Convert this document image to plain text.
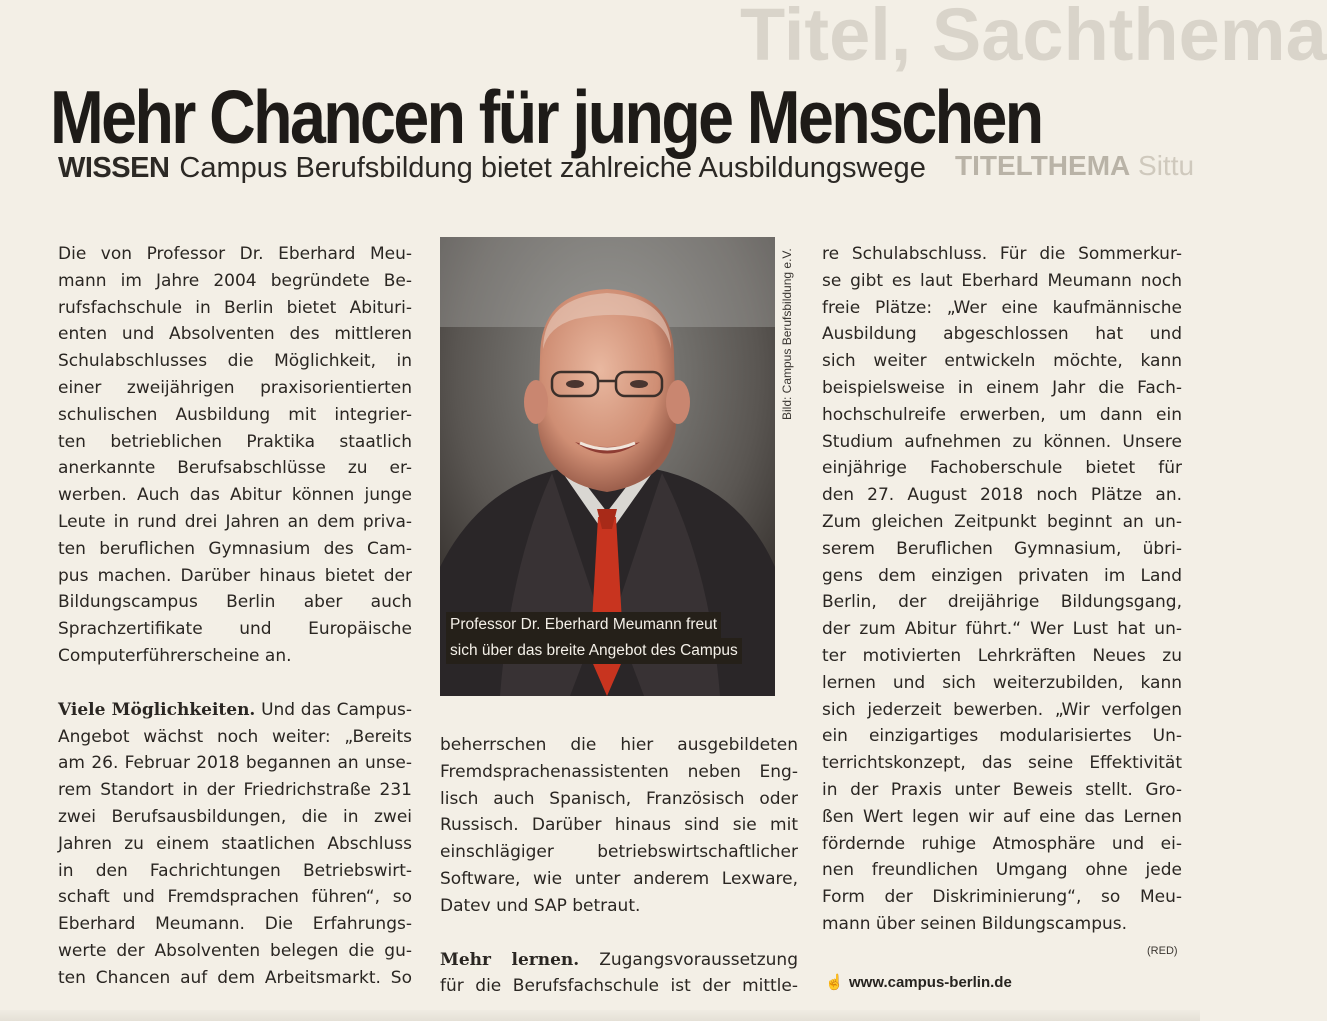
Titel, Sachthema
TITELTHEMA Sittu
Mehr Chancen für junge Menschen
WISSEN Campus Berufsbildung bietet zahlreiche Ausbildungswege

Die von Professor Dr. Eberhard Meu-

mann im Jahre 2004 begründete Be-

rufsfachschule in Berlin bietet Abituri-

enten und Absolventen des mittleren

Schulabschlusses die Möglichkeit, in

einer zweijährigen praxisorientierten

schulischen Ausbildung mit integrier-

ten betrieblichen Praktika staatlich

anerkannte Berufsabschlüsse zu er-

werben. Auch das Abitur können junge

Leute in rund drei Jahren an dem priva-

ten beruflichen Gymnasium des Cam-

pus machen. Darüber hinaus bietet der

Bildungscampus Berlin aber auch

Sprachzertifikate und Europäische

Computerführerscheine an.

Viele Möglichkeiten. Und das Campus-

Angebot wächst noch weiter: „Bereits

am 26. Februar 2018 begannen an unse-

rem Standort in der Friedrichstraße 231

zwei Berufsausbildungen, die in zwei

Jahren zu einem staatlichen Abschluss

in den Fachrichtungen Betriebswirt-

schaft und Fremdsprachen führen“, so

Eberhard Meumann. Die Erfahrungs-

werte der Absolventen belegen die gu-

ten Chancen auf dem Arbeitsmarkt. So

Professor Dr. Eberhard Meumann freut
sich über das breite Angebot des Campus
Bild: Campus Berufsbildung e.V.

beherrschen die hier ausgebildeten

Fremdsprachenassistenten neben Eng-

lisch auch Spanisch, Französisch oder

Russisch. Darüber hinaus sind sie mit

einschlägiger betriebswirtschaftlicher

Software, wie unter anderem Lexware,

Datev und SAP betraut.

Mehr lernen. Zugangsvoraussetzung

für die Berufsfachschule ist der mittle-

re Schulabschluss. Für die Sommerkur-

se gibt es laut Eberhard Meumann noch

freie Plätze: „Wer eine kaufmännische

Ausbildung abgeschlossen hat und

sich weiter entwickeln möchte, kann

beispielsweise in einem Jahr die Fach-

hochschulreife erwerben, um dann ein

Studium aufnehmen zu können. Unsere

einjährige Fachoberschule bietet für

den 27. August 2018 noch Plätze an.

Zum gleichen Zeitpunkt beginnt an un-

serem Beruflichen Gymnasium, übri-

gens dem einzigen privaten im Land

Berlin, der dreijährige Bildungsgang,

der zum Abitur führt.“ Wer Lust hat un-

ter motivierten Lehrkräften Neues zu

lernen und sich weiterzubilden, kann

sich jederzeit bewerben. „Wir verfolgen

ein einzigartiges modularisiertes Un-

terrichtskonzept, das seine Effektivität

in der Praxis unter Beweis stellt. Gro-

ßen Wert legen wir auf eine das Lernen

fördernde ruhige Atmosphäre und ei-

nen freundlichen Umgang ohne jede

Form der Diskriminierung“, so Meu-

mann über seinen Bildungscampus.

(RED)
☝ www.campus-berlin.de
